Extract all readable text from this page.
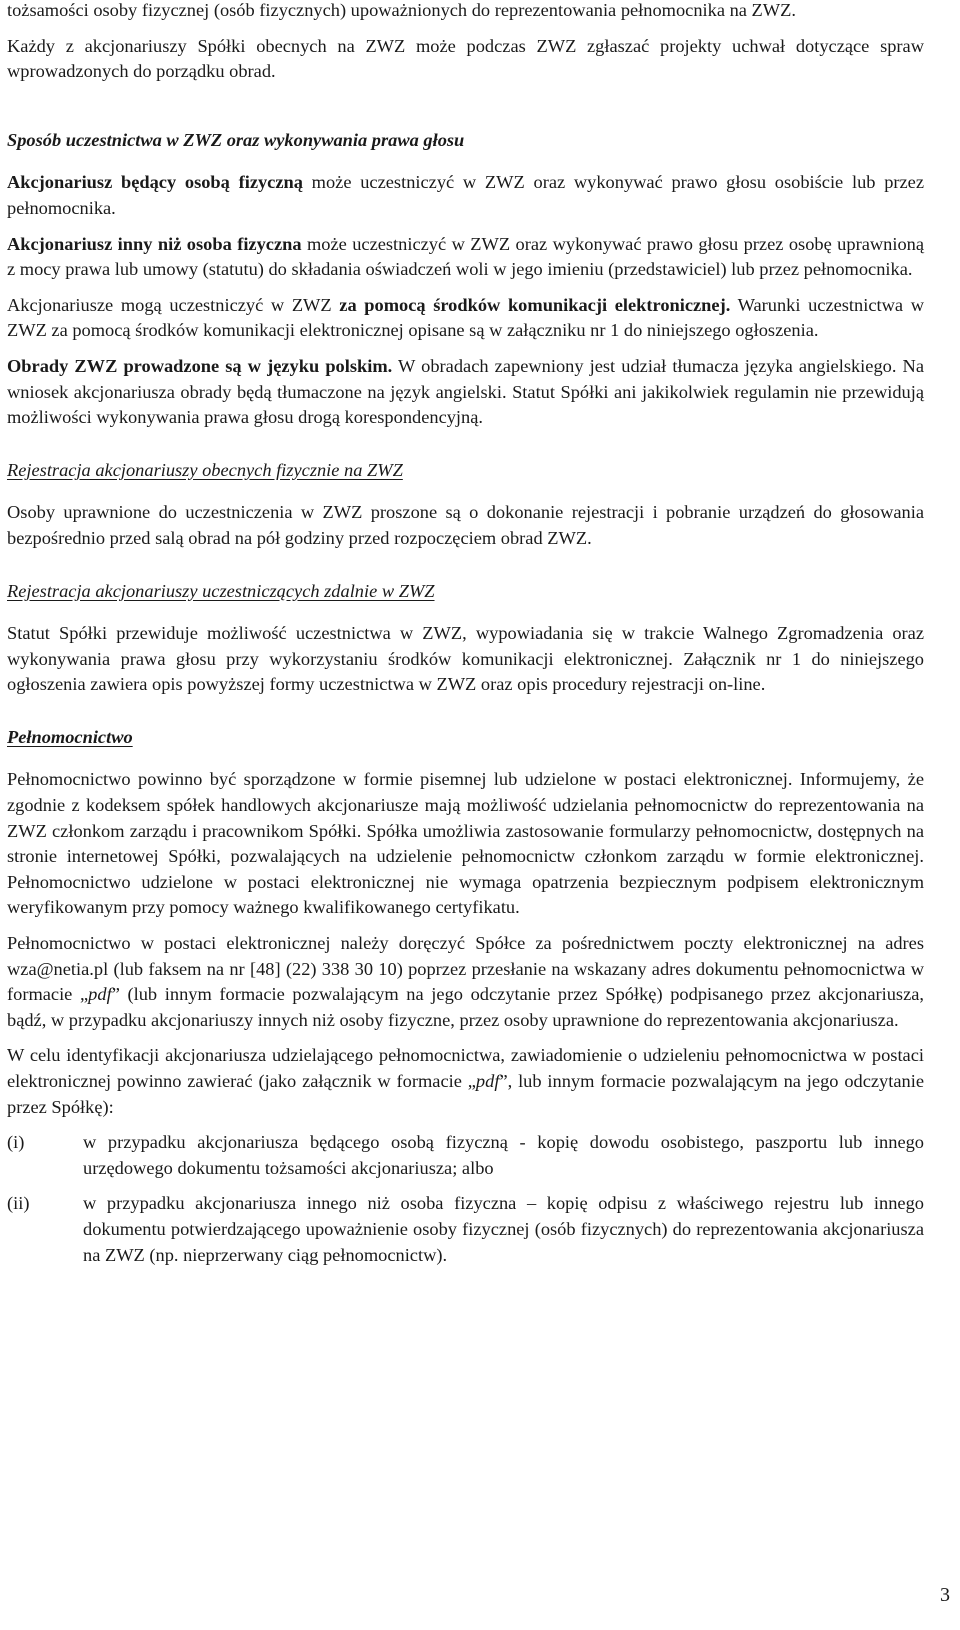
tożsamości osoby fizycznej (osób fizycznych) upoważnionych do reprezentowania pełnomocnika na ZWZ.

Każdy z akcjonariuszy Spółki obecnych na ZWZ może podczas ZWZ zgłaszać projekty uchwał dotyczące spraw wprowadzonych do porządku obrad.

Sposób uczestnictwa w ZWZ oraz wykonywania prawa głosu

Akcjonariusz będący osobą fizyczną może uczestniczyć w ZWZ oraz wykonywać prawo głosu osobiście lub przez pełnomocnika.

Akcjonariusz inny niż osoba fizyczna może uczestniczyć w ZWZ oraz wykonywać prawo głosu przez osobę uprawnioną z mocy prawa lub umowy (statutu) do składania oświadczeń woli w jego imieniu (przedstawiciel) lub przez pełnomocnika.

Akcjonariusze mogą uczestniczyć w ZWZ za pomocą środków komunikacji elektronicznej. Warunki uczestnictwa w ZWZ za pomocą środków komunikacji elektronicznej opisane są w załączniku nr 1 do niniejszego ogłoszenia.

Obrady ZWZ prowadzone są w języku polskim. W obradach zapewniony jest udział tłumacza języka angielskiego. Na wniosek akcjonariusza obrady będą tłumaczone na język angielski. Statut Spółki ani jakikolwiek regulamin nie przewidują możliwości wykonywania prawa głosu drogą korespondencyjną.

Rejestracja akcjonariuszy obecnych fizycznie na ZWZ

Osoby uprawnione do uczestniczenia w ZWZ proszone są o dokonanie rejestracji i pobranie urządzeń do głosowania bezpośrednio przed salą obrad na pół godziny przed rozpoczęciem obrad ZWZ.

Rejestracja akcjonariuszy uczestniczących zdalnie w ZWZ

Statut Spółki przewiduje możliwość uczestnictwa w ZWZ, wypowiadania się w trakcie Walnego Zgromadzenia oraz wykonywania prawa głosu przy wykorzystaniu środków komunikacji elektronicznej. Załącznik nr 1 do niniejszego ogłoszenia zawiera opis powyższej formy uczestnictwa w ZWZ oraz opis procedury rejestracji on-line.

Pełnomocnictwo

Pełnomocnictwo powinno być sporządzone w formie pisemnej lub udzielone w postaci elektronicznej. Informujemy, że zgodnie z kodeksem spółek handlowych akcjonariusze mają możliwość udzielania pełnomocnictw do reprezentowania na ZWZ członkom zarządu i pracownikom Spółki. Spółka umożliwia zastosowanie formularzy pełnomocnictw, dostępnych na stronie internetowej Spółki, pozwalających na udzielenie pełnomocnictw członkom zarządu w formie elektronicznej. Pełnomocnictwo udzielone w postaci elektronicznej nie wymaga opatrzenia bezpiecznym podpisem elektronicznym weryfikowanym przy pomocy ważnego kwalifikowanego certyfikatu.

Pełnomocnictwo w postaci elektronicznej należy doręczyć Spółce za pośrednictwem poczty elektronicznej na adres wza@netia.pl (lub faksem na nr [48] (22) 338 30 10) poprzez przesłanie na wskazany adres dokumentu pełnomocnictwa w formacie „pdf” (lub innym formacie pozwalającym na jego odczytanie przez Spółkę) podpisanego przez akcjonariusza, bądź, w przypadku akcjonariuszy innych niż osoby fizyczne, przez osoby uprawnione do reprezentowania akcjonariusza.

W celu identyfikacji akcjonariusza udzielającego pełnomocnictwa, zawiadomienie o udzieleniu pełnomocnictwa w postaci elektronicznej powinno zawierać (jako załącznik w formacie „pdf”, lub innym formacie pozwalającym na jego odczytanie przez Spółkę):

(i)	w przypadku akcjonariusza będącego osobą fizyczną - kopię dowodu osobistego, paszportu lub innego urzędowego dokumentu tożsamości akcjonariusza; albo
(ii)	w przypadku akcjonariusza innego niż osoba fizyczna – kopię odpisu z właściwego rejestru lub innego dokumentu potwierdzającego upoważnienie osoby fizycznej (osób fizycznych) do reprezentowania akcjonariusza na ZWZ (np. nieprzerwany ciąg pełnomocnictw).
3
